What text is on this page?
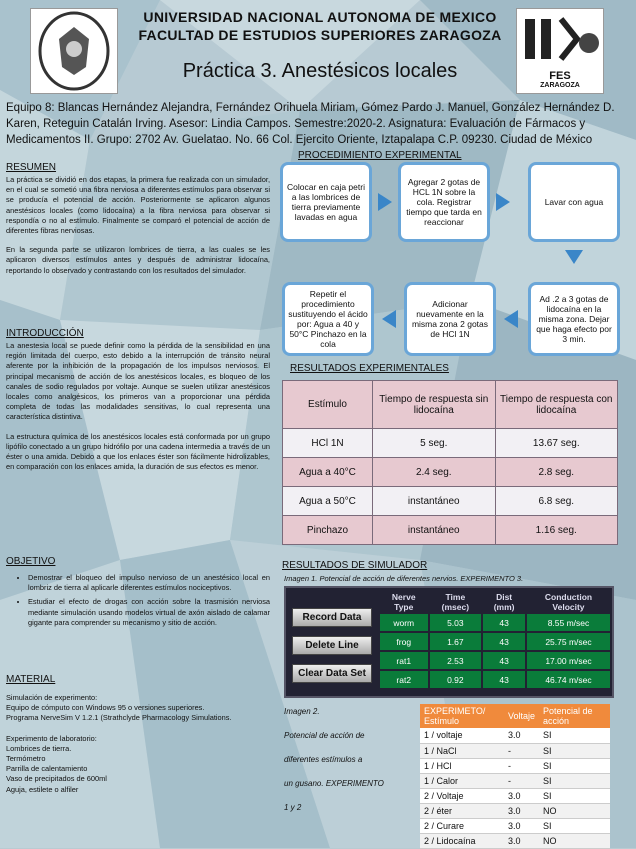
FES
ZARAGOZA
UNIVERSIDAD NACIONAL AUTONOMA DE MEXICO
FACULTAD DE ESTUDIOS SUPERIORES ZARAGOZA
Práctica 3. Anestésicos locales
Equipo 8: Blancas Hernández Alejandra, Fernández Orihuela Miriam, Gómez Pardo J. Manuel, González Hernández D. Karen, Reteguin Catalán Irving. Asesor: Lindia Campos. Semestre:2020-2. Asignatura: Evaluación de Fármacos y Medicamentos II. Grupo: 2702 Av. Guelatao. No. 66 Col. Ejercito Oriente, Iztapalapa C.P. 09230. Ciudad de México
RESUMEN

La práctica se dividió en dos etapas, la primera fue realizada con un simulador, en el cual se sometió una fibra nerviosa a diferentes estímulos para observar si se producía el potencial de acción. Posteriormente se aplicaron algunos anestésicos locales (como lidocaína) a la fibra nerviosa para observar si respondía o no al estímulo. Finalmente se comparó el potencial de acción de diferentes fibras nerviosas.

En la segunda parte se utilizaron lombrices de tierra, a las cuales se les aplicaron diversos estímulos antes y después de administrar lidocaína, reportando lo observado y contrastando con los resultados del simulador.

INTRODUCCIÓN

La anestesia local se puede definir como la pérdida de la sensibilidad en una región limitada del cuerpo, esto debido a la interrupción de tránsito neural aferente por la inhibición de la propagación de los impulsos nerviosos. El principal mecanismo de acción de los anestésicos locales, es bloqueo de los canales de sodio regulados por voltaje. Aunque se suelen utilizar anestésicos locales como analgésicos, los primeros van a proporcionar una pérdida completa de todas las modalidades sensitivas, lo cual representa una característica distintiva.

La estructura química de los anestésicos locales está conformada por un grupo lipófilo conectado a un grupo hidrófilo por una cadena intermedia a través de un éster o una amida. Debido a que los enlaces éster son fácilmente hidrolizables, en comparación con los enlaces amida, la duración de sus efectos es menor.

OBJETIVO
• Demostrar el bloqueo del impulso nervioso de un anestésico local en lombriz de tierra al aplicarle diferentes estímulos nociceptivos.
• Estudiar el efecto de drogas con acción sobre la trasmisión nerviosa mediante simulación usando modelos virtual de axón aislado de calamar gigante para comprender su mecanismo y sitio de acción.
MATERIAL
Simulación de experimento:
Equipo de cómputo con Windows 95 o versiones superiores.
Programa NerveSim V 1.2.1 (Strathclyde Pharmacology Simulations.
Experimento de laboratorio:
Lombrices de tierra.
Termómetro
Parrilla de calentamiento
Vaso de precipitados de 600ml
Aguja, estilete o alfiler
PROCEDIMIENTO EXPERIMENTAL
Colocar en caja petri a las lombrices de tierra previamente lavadas en agua
Agregar 2 gotas de HCL 1N sobre la cola. Registrar tiempo que tarda en reaccionar
Lavar con agua
Ad .2 a 3 gotas de lidocaína en la misma zona. Dejar que haga efecto por 3 min.
Adicionar nuevamente en la misma zona 2 gotas de HCl 1N
Repetir el procedimiento sustituyendo el ácido por: Agua a 40 y 50°C Pinchazo en la cola
RESULTADOS EXPERIMENTALES
Estímulo	Tiempo de respuesta sin lidocaína	Tiempo de respuesta con lidocaína
HCl 1N	5 seg.	13.67 seg.
Agua a 40°C	2.4 seg.	2.8 seg.
Agua a 50°C	instantáneo	6.8 seg.
Pinchazo	instantáneo	1.16 seg.
RESULTADOS DE SIMULADOR
Imagen 1. Potencial de acción de diferentes nervios. EXPERIMENTO 3.
Record Data
Delete Line
Clear Data Set
Nerve Type	Time (msec)	Dist (mm)	Conduction Velocity
worm	5.03	43	8.55 m/sec
frog	1.67	43	25.75 m/sec
rat1	2.53	43	17.00 m/sec
rat2	0.92	43	46.74 m/sec
Imagen 2.
Potencial de acción de
diferentes estímulos a
un gusano. EXPERIMENTO
1 y 2
EXPERIMETO/ Estímulo	Voltaje	Potencial de acción
1 / voltaje	3.0	SI
1 / NaCl	-	SI
1 / HCl	-	SI
1 / Calor	-	SI
2 / Voltaje	3.0	SI
2 / éter	3.0	NO
2 / Curare	3.0	SI
2 / Lidocaína	3.0	NO
